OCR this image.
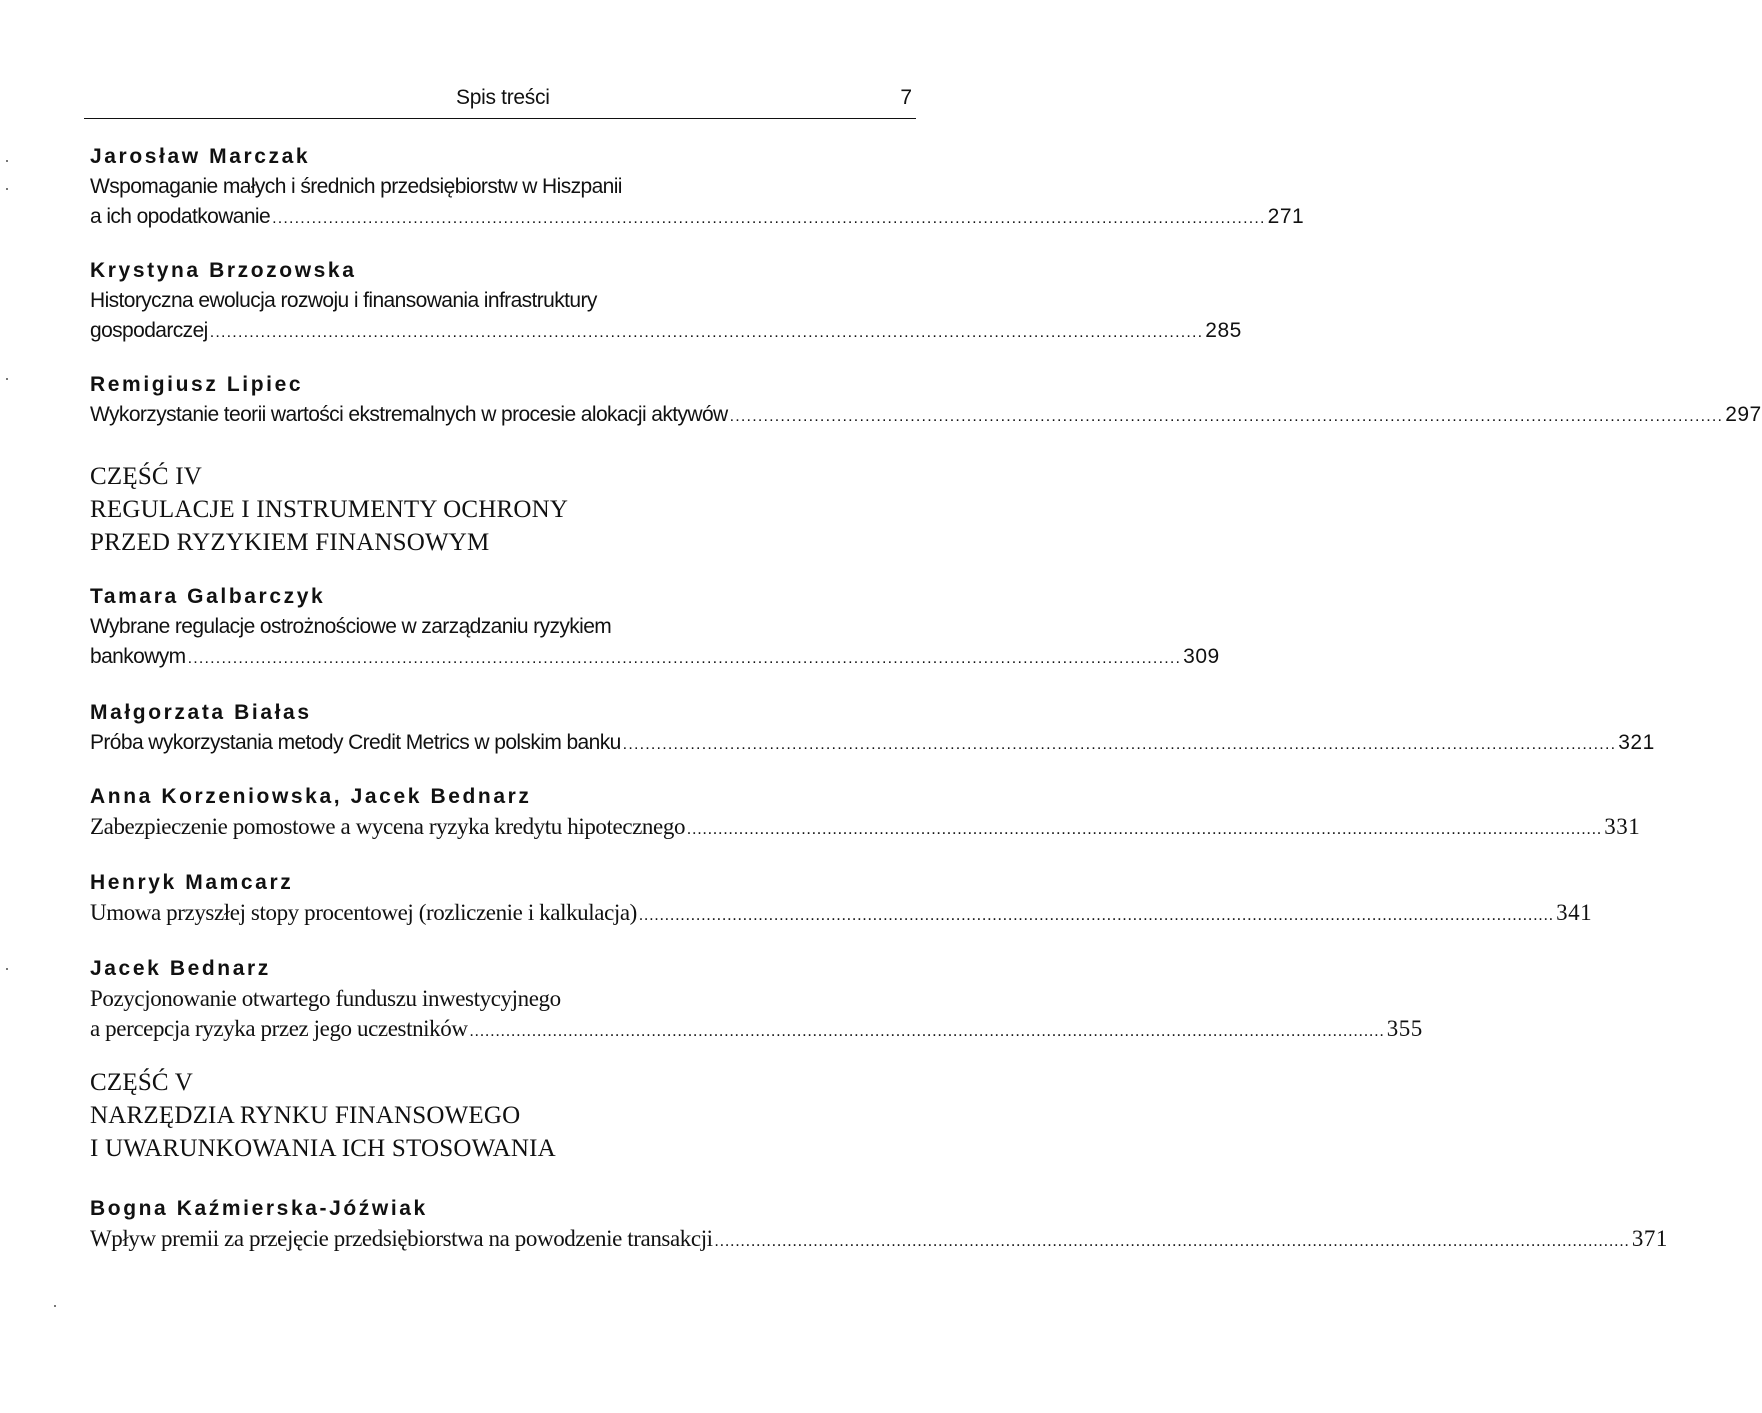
Spis treści	7
Jarosław Marczak
Wspomaganie małych i średnich przedsiębiorstw w Hiszpanii
a ich opodatkowanie ................................................................................................................................................................................ 271
Krystyna Brzozowska
Historyczna ewolucja rozwoju i finansowania infrastruktury
gospodarczej ................................................................................................................................................................................ 285
Remigiusz Lipiec
Wykorzystanie teorii wartości ekstremalnych w procesie alokacji aktywów ................................................................................................................................................................................ 297
CZĘŚĆ IV
REGULACJE I INSTRUMENTY OCHRONY
PRZED RYZYKIEM FINANSOWYM
Tamara Galbarczyk
Wybrane regulacje ostrożnościowe w zarządzaniu ryzykiem
bankowym ................................................................................................................................................................................ 309
Małgorzata Białas
Próba wykorzystania metody Credit Metrics w polskim banku ................................................................................................................................................................................ 321
Anna Korzeniowska, Jacek Bednarz
Zabezpieczenie pomostowe a wycena ryzyka kredytu hipotecznego ................................................................................................................................................................................ 331
Henryk Mamcarz
Umowa przyszłej stopy procentowej (rozliczenie i kalkulacja) ................................................................................................................................................................................ 341
Jacek Bednarz
Pozycjonowanie otwartego funduszu inwestycyjnego
a percepcja ryzyka przez jego uczestników ................................................................................................................................................................................ 355
CZĘŚĆ V
NARZĘDZIA RYNKU FINANSOWEGO
I UWARUNKOWANIA ICH STOSOWANIA
Bogna Kaźmierska-Jóźwiak
Wpływ premii za przejęcie przedsiębiorstwa na powodzenie transakcji ................................................................................................................................................................................ 371
